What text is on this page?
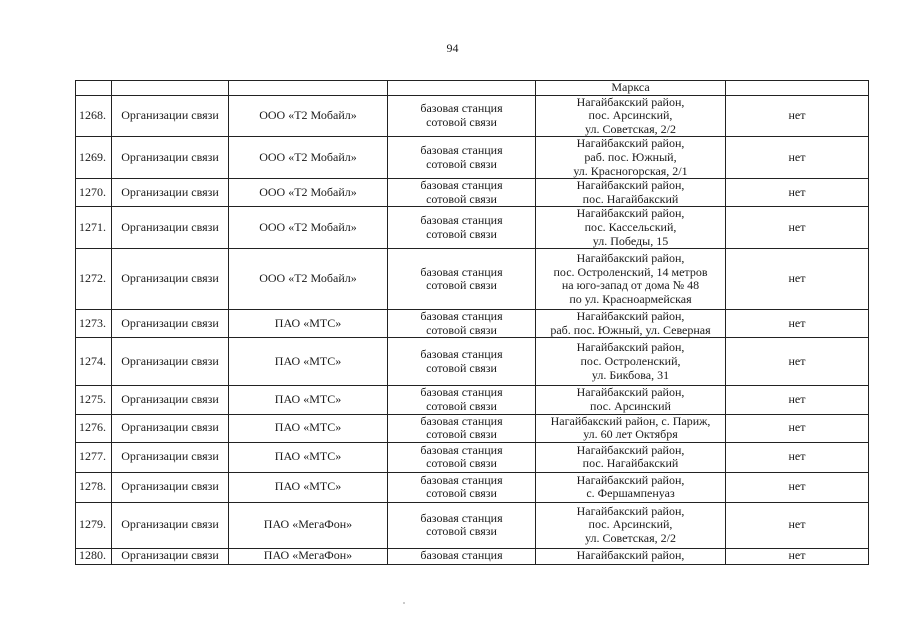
94
				Маркса	
1268.	Организации связи	ООО «Т2 Мобайл»	базовая станция
сотовой связи	Нагайбакский район,
пос. Арсинский,
ул. Советская, 2/2	нет
1269.	Организации связи	ООО «Т2 Мобайл»	базовая станция
сотовой связи	Нагайбакский район,
раб. пос. Южный,
ул. Красногорская, 2/1	нет
1270.	Организации связи	ООО «Т2 Мобайл»	базовая станция
сотовой связи	Нагайбакский район,
пос. Нагайбакский	нет
1271.	Организации связи	ООО «Т2 Мобайл»	базовая станция
сотовой связи	Нагайбакский район,
пос. Кассельский,
ул. Победы, 15	нет
1272.	Организации связи	ООО «Т2 Мобайл»	базовая станция
сотовой связи	Нагайбакский район,
пос. Остроленский, 14 метров
на юго-запад от дома № 48
по ул. Красноармейская	нет
1273.	Организации связи	ПАО «МТС»	базовая станция
сотовой связи	Нагайбакский район,
раб. пос. Южный, ул. Северная	нет
1274.	Организации связи	ПАО «МТС»	базовая станция
сотовой связи	Нагайбакский район,
пос. Остроленский,
ул. Бикбова, 31	нет
1275.	Организации связи	ПАО «МТС»	базовая станция
сотовой связи	Нагайбакский район,
пос. Арсинский	нет
1276.	Организации связи	ПАО «МТС»	базовая станция
сотовой связи	Нагайбакский район, с. Париж,
ул. 60 лет Октября	нет
1277.	Организации связи	ПАО «МТС»	базовая станция
сотовой связи	Нагайбакский район,
пос. Нагайбакский	нет
1278.	Организации связи	ПАО «МТС»	базовая станция
сотовой связи	Нагайбакский район,
с. Фершампенуаз	нет
1279.	Организации связи	ПАО «МегаФон»	базовая станция
сотовой связи	Нагайбакский район,
пос. Арсинский,
ул. Советская, 2/2	нет
1280.	Организации связи	ПАО «МегаФон»	базовая станция	Нагайбакский район,	нет
